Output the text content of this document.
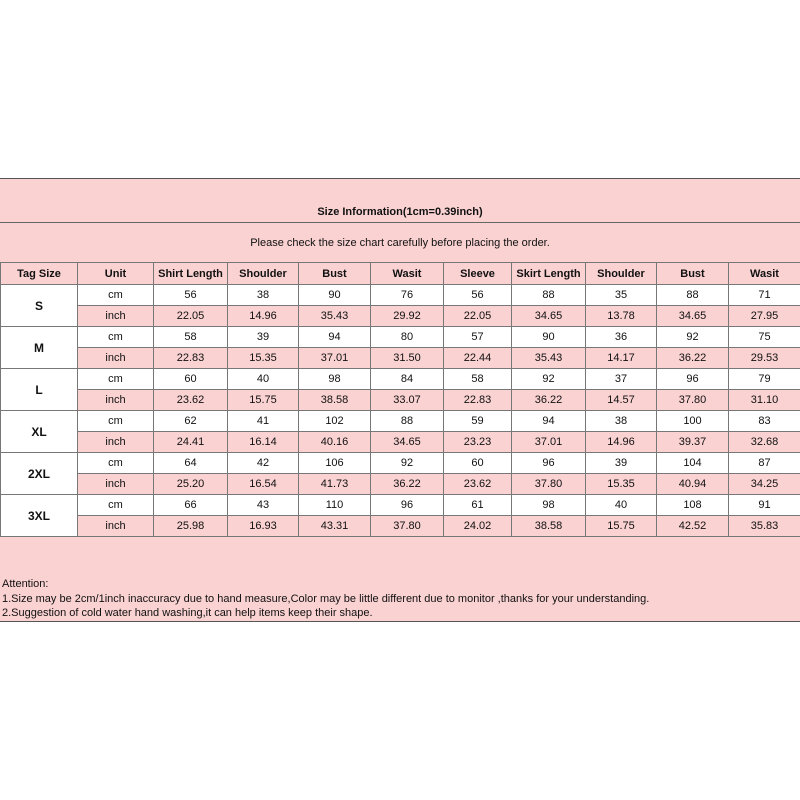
Size Information(1cm=0.39inch)
Please check the size chart carefully before placing the order.
Tag Size	Unit	Shirt Length	Shoulder	Bust	Wasit	Sleeve	Skirt Length	Shoulder	Bust	Wasit
S	cm	56	38	90	76	56	88	35	88	71
	inch	22.05	14.96	35.43	29.92	22.05	34.65	13.78	34.65	27.95
M	cm	58	39	94	80	57	90	36	92	75
	inch	22.83	15.35	37.01	31.50	22.44	35.43	14.17	36.22	29.53
L	cm	60	40	98	84	58	92	37	96	79
	inch	23.62	15.75	38.58	33.07	22.83	36.22	14.57	37.80	31.10
XL	cm	62	41	102	88	59	94	38	100	83
	inch	24.41	16.14	40.16	34.65	23.23	37.01	14.96	39.37	32.68
2XL	cm	64	42	106	92	60	96	39	104	87
	inch	25.20	16.54	41.73	36.22	23.62	37.80	15.35	40.94	34.25
3XL	cm	66	43	110	96	61	98	40	108	91
	inch	25.98	16.93	43.31	37.80	24.02	38.58	15.75	42.52	35.83
Attention:
1.Size may be 2cm/1inch inaccuracy due to hand measure,Color may be little different due to monitor ,thanks for your understanding.
2.Suggestion of cold water hand washing,it can help items keep their shape.
